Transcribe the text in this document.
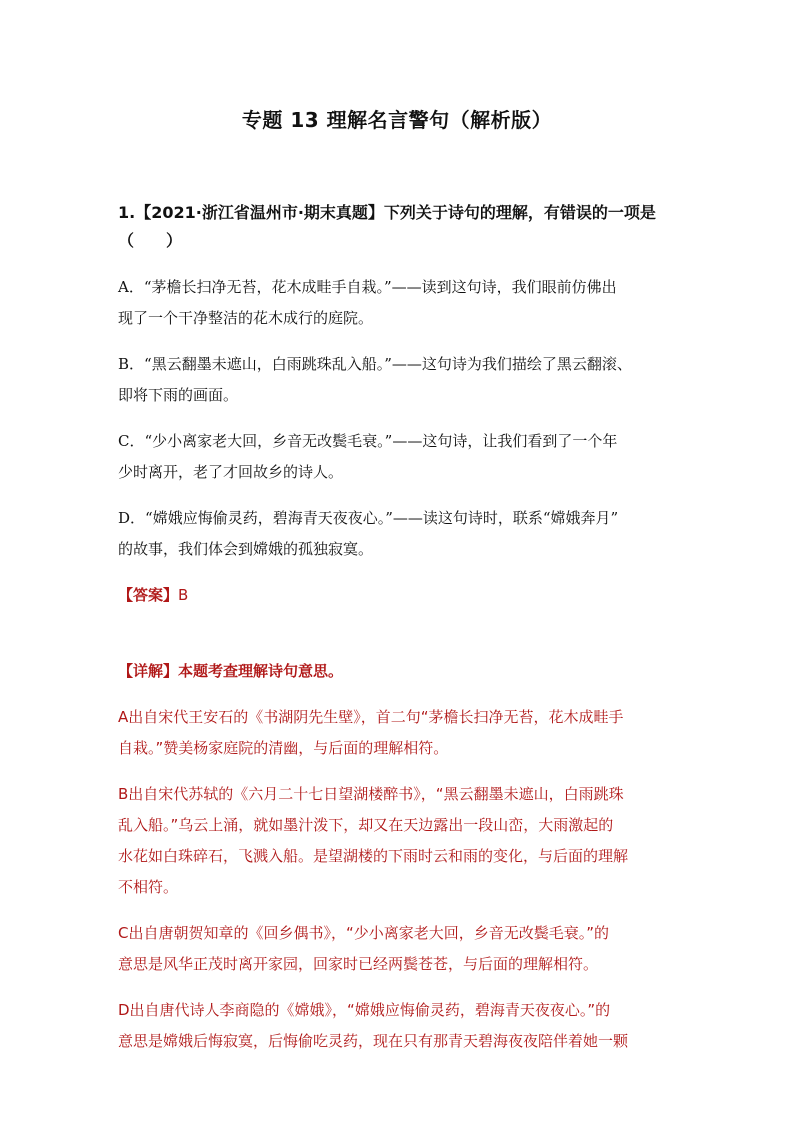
专题 13 理解名言警句（解析版）
1.【2021·浙江省温州市·期末真题】下列关于诗句的理解，有错误的一项是
（　　）
A．“茅檐长扫净无苔，花木成畦手自栽。”——读到这句诗，我们眼前仿佛出
现了一个干净整洁的花木成行的庭院。
B．“黑云翻墨未遮山，白雨跳珠乱入船。”——这句诗为我们描绘了黑云翻滚、
即将下雨的画面。
C．“少小离家老大回，乡音无改鬓毛衰。”——这句诗，让我们看到了一个年
少时离开，老了才回故乡的诗人。
D．“嫦娥应悔偷灵药，碧海青天夜夜心。”——读这句诗时，联系“嫦娥奔月”
的故事，我们体会到嫦娥的孤独寂寞。
【答案】B

【详解】本题考查理解诗句意思。

A出自宋代王安石的《书湖阴先生壁》，首二句“茅檐长扫净无苔，花木成畦手
自栽。”赞美杨家庭院的清幽，与后面的理解相符。
B出自宋代苏轼的《六月二十七日望湖楼醉书》，“黑云翻墨未遮山，白雨跳珠
乱入船。”乌云上涌，就如墨汁泼下，却又在天边露出一段山峦，大雨激起的
水花如白珠碎石，飞溅入船。是望湖楼的下雨时云和雨的变化，与后面的理解
不相符。
C出自唐朝贺知章的《回乡偶书》，“少小离家老大回，乡音无改鬓毛衰。”的
意思是风华正茂时离开家园，回家时已经两鬓苍苍，与后面的理解相符。
D出自唐代诗人李商隐的《嫦娥》，“嫦娥应悔偷灵药，碧海青天夜夜心。”的
意思是嫦娥后悔寂寞，后悔偷吃灵药，现在只有那青天碧海夜夜陪伴着她一颗
